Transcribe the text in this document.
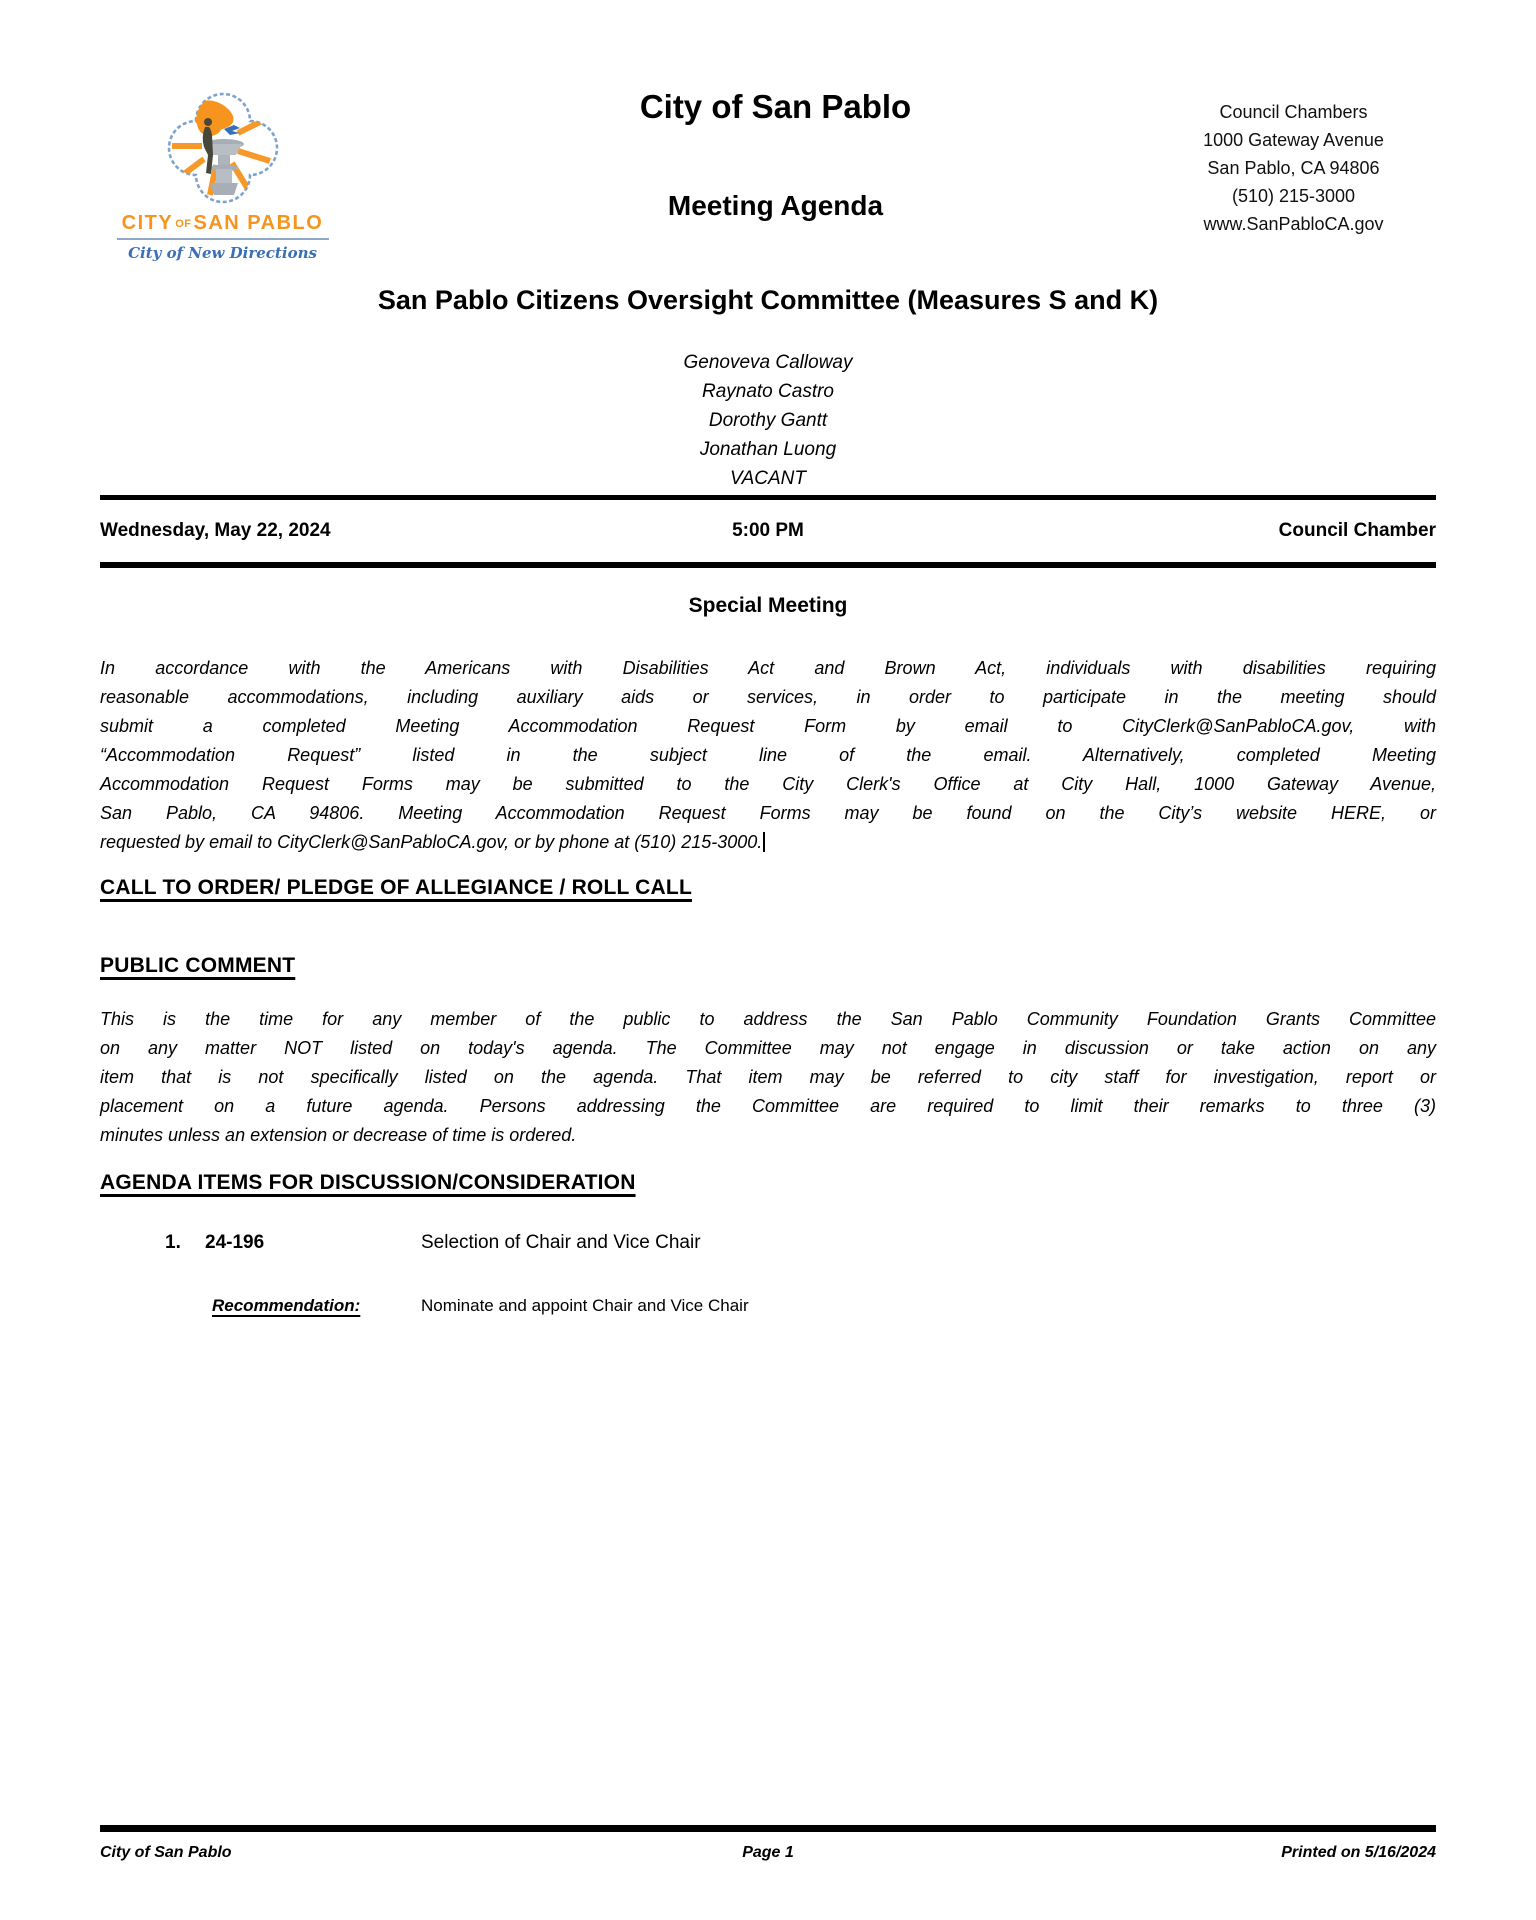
CITY OF SAN PABLO
City of New Directions
City of San Pablo
Meeting Agenda
Council Chambers
1000 Gateway Avenue
San Pablo, CA 94806
(510) 215-3000
www.SanPabloCA.gov
San Pablo Citizens Oversight Committee (Measures S and K)
Genoveva Calloway
Raynato Castro
Dorothy Gantt
Jonathan Luong
VACANT
Wednesday, May 22, 2024	5:00 PM	Council Chamber
Special Meeting
In accordance with the Americans with Disabilities Act and Brown Act, individuals with disabilities requiring
reasonable accommodations, including auxiliary aids or services, in order to participate in the meeting should
submit a completed Meeting Accommodation Request Form by email to CityClerk@SanPabloCA.gov, with
“Accommodation Request” listed in the subject line of the email. Alternatively, completed Meeting
Accommodation Request Forms may be submitted to the City Clerk's Office at City Hall, 1000 Gateway Avenue,
San Pablo, CA 94806. Meeting Accommodation Request Forms may be found on the City’s website HERE, or
requested by email to CityClerk@SanPabloCA.gov, or by phone at (510) 215-3000.
CALL TO ORDER/ PLEDGE OF ALLEGIANCE / ROLL CALL
PUBLIC COMMENT
This is the time for any member of the public to address the San Pablo Community Foundation Grants Committee
on any matter NOT listed on today's agenda. The Committee may not engage in discussion or take action on any
item that is not specifically listed on the agenda. That item may be referred to city staff for investigation, report or
placement on a future agenda. Persons addressing the Committee are required to limit their remarks to three (3)
minutes unless an extension or decrease of time is ordered.
AGENDA ITEMS FOR DISCUSSION/CONSIDERATION
1.	24-196	Selection of Chair and Vice Chair
Recommendation:	Nominate and appoint Chair and Vice Chair
City of San Pablo	Page 1	Printed on 5/16/2024
